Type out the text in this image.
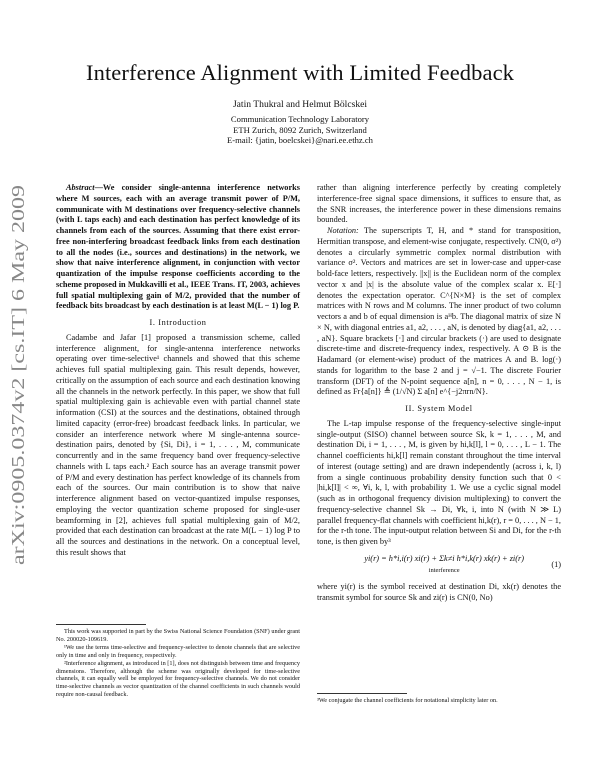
arXiv:0905.0374v2 [cs.IT] 6 May 2009
Interference Alignment with Limited Feedback
Jatin Thukral and Helmut Bölcskei
Communication Technology Laboratory
ETH Zurich, 8092 Zurich, Switzerland
E-mail: {jatin, boelcskei}@nari.ee.ethz.ch

Abstract—We consider single-antenna interference networks where M sources, each with an average transmit power of P/M, communicate with M destinations over frequency-selective channels (with L taps each) and each destination has perfect knowledge of its channels from each of the sources. Assuming that there exist error-free non-interfering broadcast feedback links from each destination to all the nodes (i.e., sources and destinations) in the network, we show that naive interference alignment, in conjunction with vector quantization of the impulse response coefficients according to the scheme proposed in Mukkavilli et al., IEEE Trans. IT, 2003, achieves full spatial multiplexing gain of M/2, provided that the number of feedback bits broadcast by each destination is at least M(L − 1) log P.

I. Introduction

Cadambe and Jafar [1] proposed a transmission scheme, called interference alignment, for single-antenna interference networks operating over time-selective¹ channels and showed that this scheme achieves full spatial multiplexing gain. This result depends, however, critically on the assumption of each source and each destination knowing all the channels in the network perfectly. In this paper, we show that full spatial multiplexing gain is achievable even with partial channel state information (CSI) at the sources and the destinations, obtained through limited capacity (error-free) broadcast feedback links. In particular, we consider an interference network where M single-antenna source-destination pairs, denoted by {Si, Di}, i = 1, . . . , M, communicate concurrently and in the same frequency band over frequency-selective channels with L taps each.² Each source has an average transmit power of P/M and every destination has perfect knowledge of its channels from each of the sources. Our main contribution is to show that naive interference alignment based on vector-quantized impulse responses, employing the vector quantization scheme proposed for single-user beamforming in [2], achieves full spatial multiplexing gain of M/2, provided that each destination can broadcast at the rate M(L − 1) log P to all the sources and destinations in the network. On a conceptual level, this result shows that

This work was supported in part by the Swiss National Science Foundation (SNF) under grant No. 200020-109619.

¹We use the terms time-selective and frequency-selective to denote channels that are selective only in time and only in frequency, respectively.

²Interference alignment, as introduced in [1], does not distinguish between time and frequency dimensions. Therefore, although the scheme was originally developed for time-selective channels, it can equally well be employed for frequency-selective channels. We do not consider time-selective channels as vector quantization of the channel coefficients in such channels would require non-causal feedback.

rather than aligning interference perfectly by creating completely interference-free signal space dimensions, it suffices to ensure that, as the SNR increases, the interference power in these dimensions remains bounded.

Notation: The superscripts T, H, and * stand for transposition, Hermitian transpose, and element-wise conjugate, respectively. CN(0, σ²) denotes a circularly symmetric complex normal distribution with variance σ². Vectors and matrices are set in lower-case and upper-case bold-face letters, respectively. ||x|| is the Euclidean norm of the complex vector x and |x| is the absolute value of the complex scalar x. E[·] denotes the expectation operator. C^{N×M} is the set of complex matrices with N rows and M columns. The inner product of two column vectors a and b of equal dimension is aᴴb. The diagonal matrix of size N × N, with diagonal entries a1, a2, . . . , aN, is denoted by diag{a1, a2, . . . , aN}. Square brackets [·] and circular brackets (·) are used to designate discrete-time and discrete-frequency index, respectively. A ⊙ B is the Hadamard (or element-wise) product of the matrices A and B. log(·) stands for logarithm to the base 2 and j = √−1. The discrete Fourier transform (DFT) of the N-point sequence a[n], n = 0, . . . , N − 1, is defined as Fr{a[n]} ≜ (1/√N) Σ a[n] e^{−j2πrn/N}.

II. System Model

The L-tap impulse response of the frequency-selective single-input single-output (SISO) channel between source Sk, k = 1, . . . , M, and destination Di, i = 1, . . . , M, is given by hi,k[l], l = 0, . . . , L − 1. The channel coefficients hi,k[l] remain constant throughout the time interval of interest (outage setting) and are drawn independently (across i, k, l) from a single continuous probability density function such that 0 < |hi,k[l]| < ∞, ∀i, k, l, with probability 1. We use a cyclic signal model (such as in orthogonal frequency division multiplexing) to convert the frequency-selective channel Sk → Di, ∀k, i, into N (with N ≫ L) parallel frequency-flat channels with coefficient hi,k(r), r = 0, . . . , N − 1, for the r-th tone. The input-output relation between Si and Di, for the r-th tone, is then given by³

yi(r) = h*i,i(r) xi(r) + Σk≠i h*i,k(r) xk(r) + zi(r)
interference
(1)

where yi(r) is the symbol received at destination Di, xk(r) denotes the transmit symbol for source Sk and zi(r) is CN(0, No)

³We conjugate the channel coefficients for notational simplicity later on.
